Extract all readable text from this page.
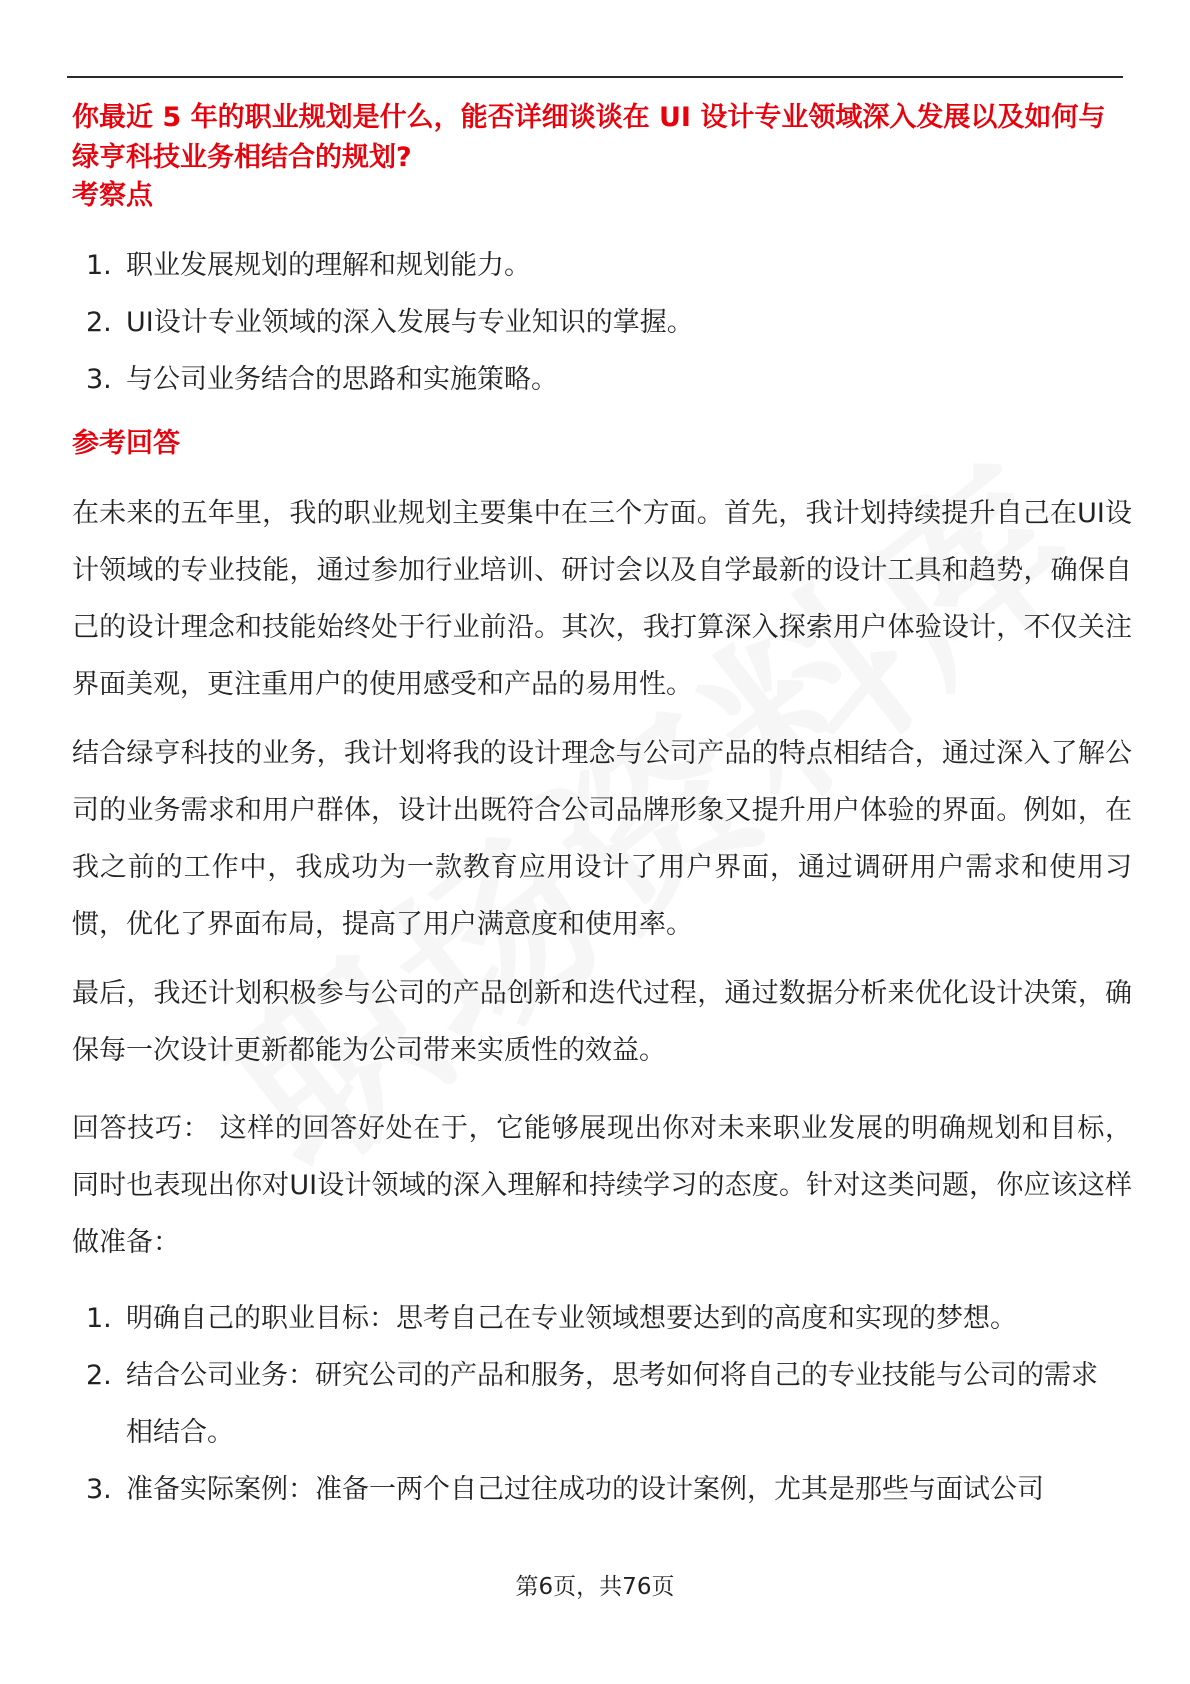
你最近 5 年的职业规划是什么，能否详细谈谈在 UI 设计专业领域深入发展以及如何与绿亨科技业务相结合的规划?
考察点
1. 职业发展规划的理解和规划能力。
2. UI设计专业领域的深入发展与专业知识的掌握。
3. 与公司业务结合的思路和实施策略。
参考回答

在未来的五年里，我的职业规划主要集中在三个方面。首先，我计划持续提升自己在UI设计领域的专业技能，通过参加行业培训、研讨会以及自学最新的设计工具和趋势，确保自己的设计理念和技能始终处于行业前沿。其次，我打算深入探索用户体验设计，不仅关注界面美观，更注重用户的使用感受和产品的易用性。

结合绿亨科技的业务，我计划将我的设计理念与公司产品的特点相结合，通过深入了解公司的业务需求和用户群体，设计出既符合公司品牌形象又提升用户体验的界面。例如，在我之前的工作中，我成功为一款教育应用设计了用户界面，通过调研用户需求和使用习惯，优化了界面布局，提高了用户满意度和使用率。

最后，我还计划积极参与公司的产品创新和迭代过程，通过数据分析来优化设计决策，确保每一次设计更新都能为公司带来实质性的效益。

回答技巧： 这样的回答好处在于，它能够展现出你对未来职业发展的明确规划和目标，同时也表现出你对UI设计领域的深入理解和持续学习的态度。针对这类问题，你应该这样做准备：

1. 明确自己的职业目标：思考自己在专业领域想要达到的高度和实现的梦想。
2. 结合公司业务：研究公司的产品和服务，思考如何将自己的专业技能与公司的需求相结合。
3. 准备实际案例：准备一两个自己过往成功的设计案例，尤其是那些与面试公司
第6页，共76页
